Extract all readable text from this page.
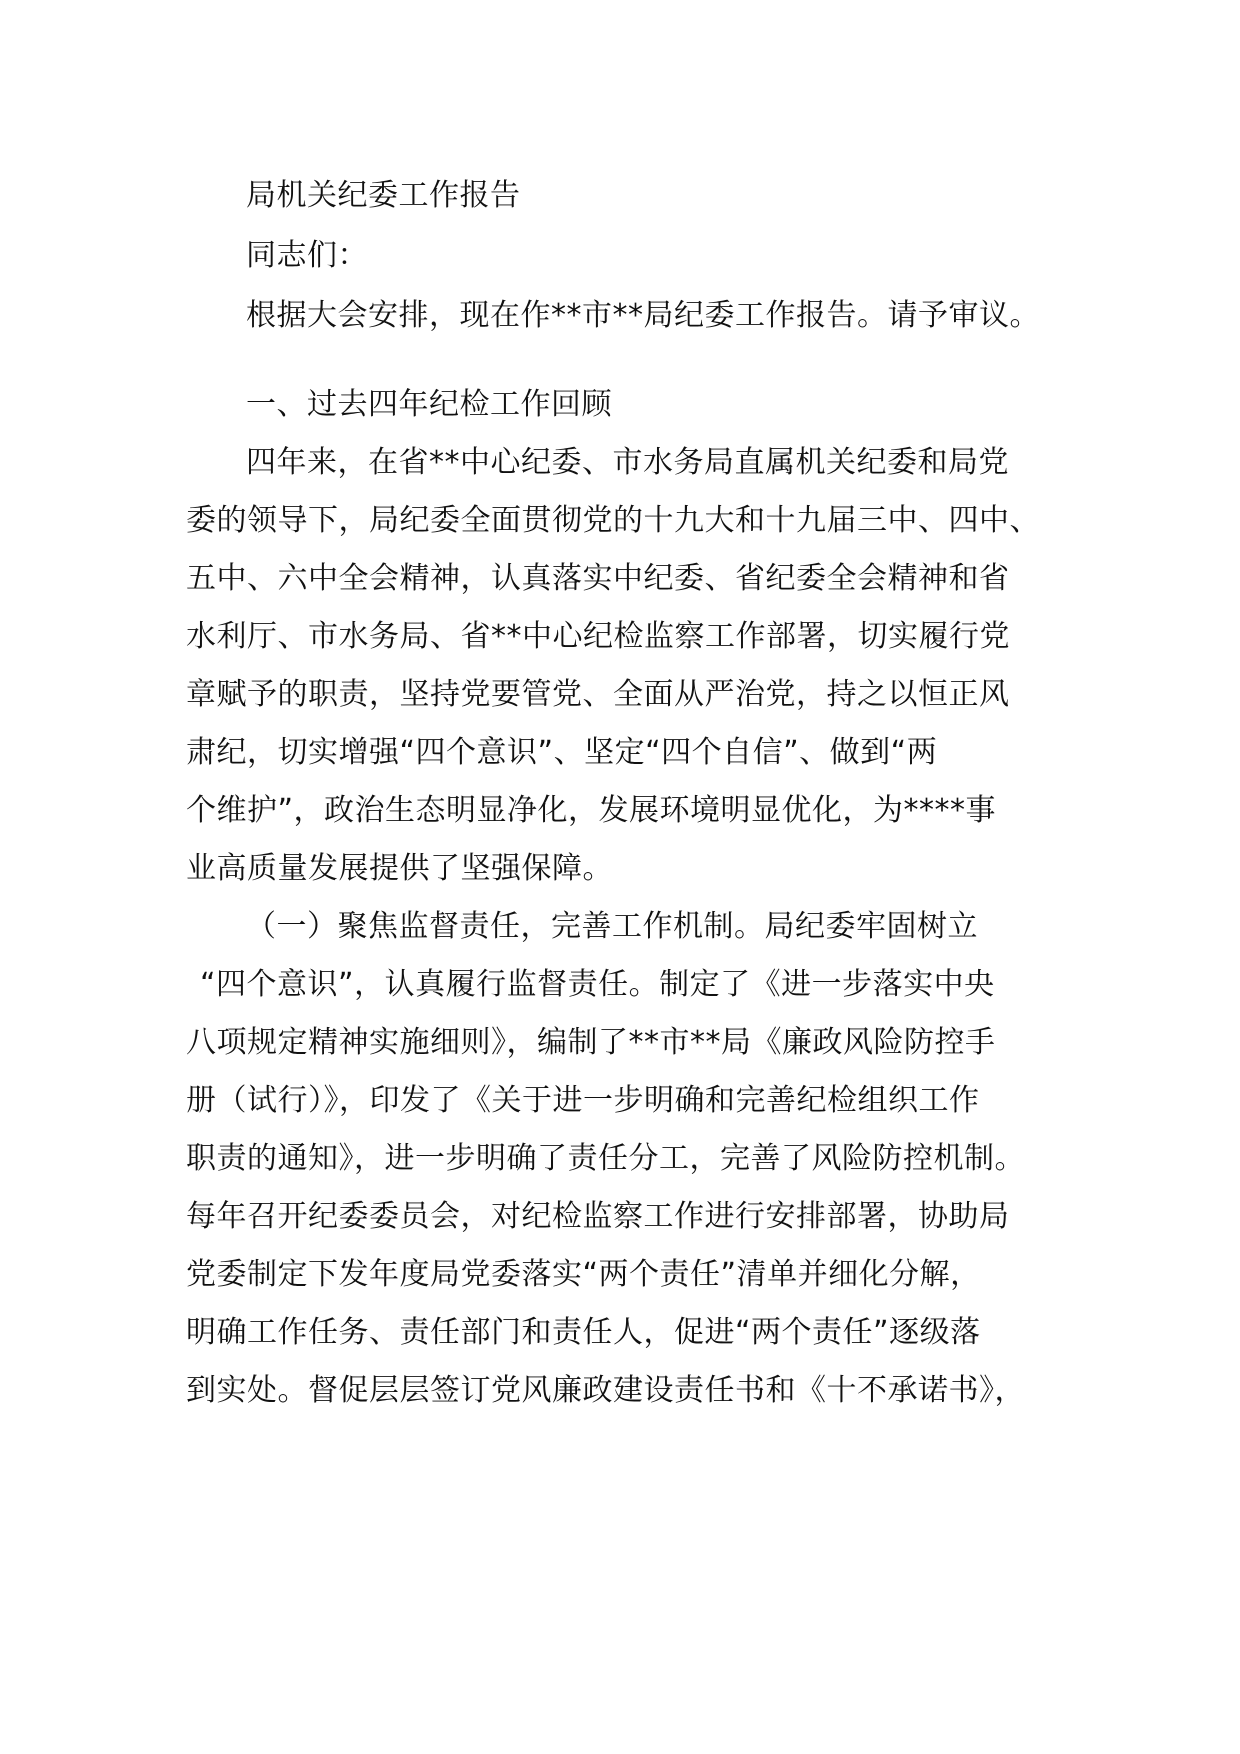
局机关纪委工作报告
同志们：
根据大会安排，现在作**市**局纪委工作报告。请予审议。
一、过去四年纪检工作回顾
四年来，在省**中心纪委、市水务局直属机关纪委和局党
委的领导下，局纪委全面贯彻党的十九大和十九届三中、四中、
五中、六中全会精神，认真落实中纪委、省纪委全会精神和省
水利厅、市水务局、省**中心纪检监察工作部署，切实履行党
章赋予的职责，坚持党要管党、全面从严治党，持之以恒正风
肃纪，切实增强“四个意识”、坚定“四个自信”、做到“两
个维护”，政治生态明显净化，发展环境明显优化，为****事
业高质量发展提供了坚强保障。
（一）聚焦监督责任，完善工作机制。局纪委牢固树立
“四个意识”，认真履行监督责任。制定了《进一步落实中央
八项规定精神实施细则》，编制了**市**局《廉政风险防控手
册（试行）》，印发了《关于进一步明确和完善纪检组织工作
职责的通知》，进一步明确了责任分工，完善了风险防控机制。
每年召开纪委委员会，对纪检监察工作进行安排部署，协助局
党委制定下发年度局党委落实“两个责任”清单并细化分解，
明确工作任务、责任部门和责任人，促进“两个责任”逐级落
到实处。督促层层签订党风廉政建设责任书和《十不承诺书》，
